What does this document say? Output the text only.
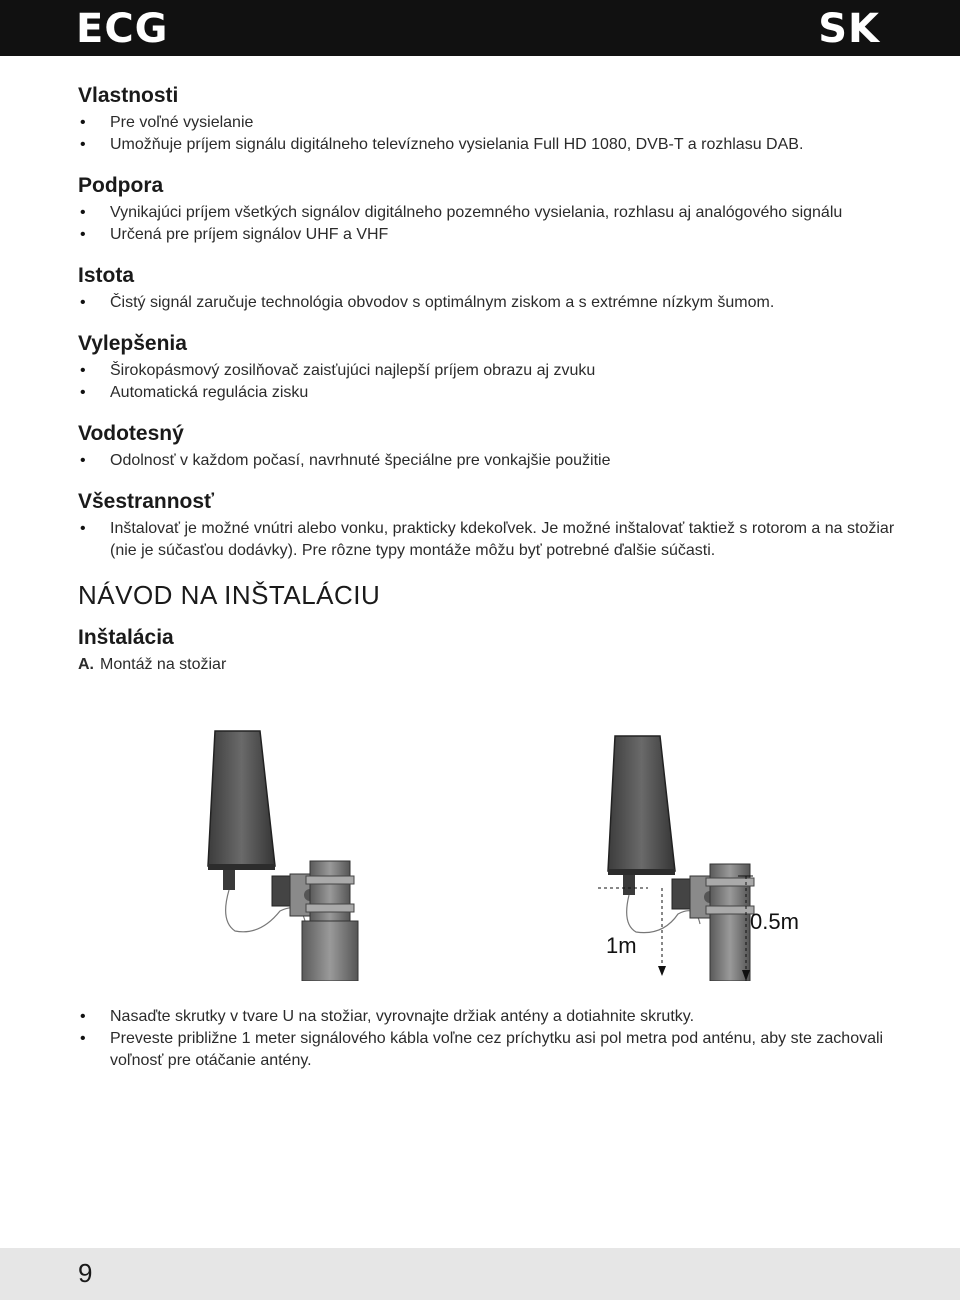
ECG	SK
Vlastnosti
• Pre voľné vysielanie
• Umožňuje príjem signálu digitálneho televízneho vysielania Full HD 1080, DVB-T a rozhlasu DAB.
Podpora
• Vynikajúci príjem všetkých signálov digitálneho pozemného vysielania, rozhlasu aj analógového signálu
• Určená pre príjem signálov UHF a VHF
Istota
• Čistý signál zaručuje technológia obvodov s optimálnym ziskom a s extrémne nízkym šumom.
Vylepšenia
• Širokopásmový zosilňovač zaisťujúci najlepší príjem obrazu aj zvuku
• Automatická regulácia zisku
Vodotesný
• Odolnosť v každom počasí, navrhnuté špeciálne pre vonkajšie použitie
Všestrannosť
• Inštalovať je možné vnútri alebo vonku, prakticky kdekoľvek. Je možné inštalovať taktiež s rotorom a na stožiar (nie je súčasťou dodávky). Pre rôzne typy montáže môžu byť potrebné ďalšie súčasti.
NÁVOD NA INŠTALÁCIU
Inštalácia
A. Montáž na stožiar
0.5m
1m
• Nasaďte skrutky v tvare U na stožiar, vyrovnajte držiak antény a dotiahnite skrutky.
• Preveste približne 1 meter signálového kábla voľne cez príchytku asi pol metra pod anténu, aby ste zachovali voľnosť pre otáčanie antény.
9
